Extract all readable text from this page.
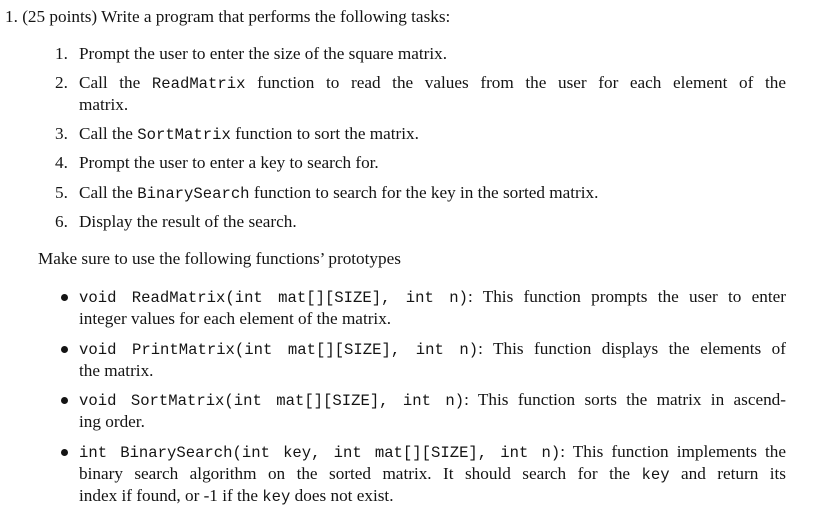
1. (25 points) Write a program that performs the following tasks:
1. Prompt the user to enter the size of the square matrix.
2. Call the ReadMatrix function to read the values from the user for each element of the
matrix.
3. Call the SortMatrix function to sort the matrix.
4. Prompt the user to enter a key to search for.
5. Call the BinarySearch function to search for the key in the sorted matrix.
6. Display the result of the search.
Make sure to use the following functions’ prototypes
void ReadMatrix(int mat[][SIZE], int n): This function prompts the user to enter
integer values for each element of the matrix.
void PrintMatrix(int mat[][SIZE], int n): This function displays the elements of
the matrix.
void SortMatrix(int mat[][SIZE], int n): This function sorts the matrix in ascend-
ing order.
int BinarySearch(int key, int mat[][SIZE], int n): This function implements the
binary search algorithm on the sorted matrix. It should search for the key and return its
index if found, or -1 if the key does not exist.
